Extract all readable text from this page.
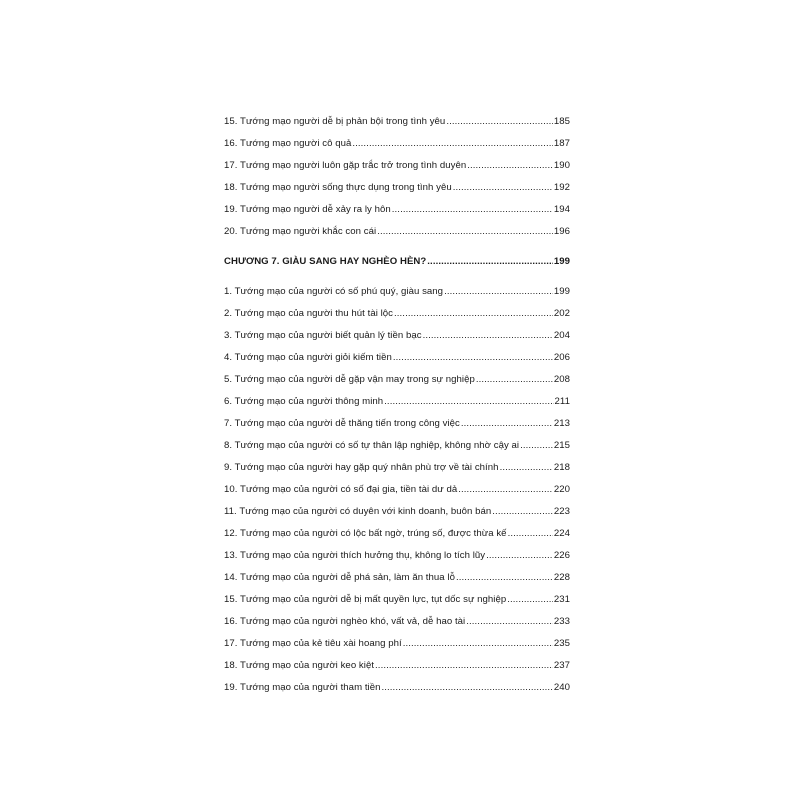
15. Tướng mạo người dễ bị phản bội trong tình yêu .....	185
16. Tướng mạo người cô quả .....	187
17. Tướng mạo người luôn gặp trắc trở trong tình duyên .....	190
18. Tướng mạo người sống thực dụng trong tình yêu .....	192
19. Tướng mạo người dễ xảy ra ly hôn .....	194
20. Tướng mạo người khắc con cái .....	196
CHƯƠNG 7. GIÀU SANG HAY NGHÈO HÈN? .....	199
1. Tướng mạo của người có số phú quý, giàu sang .....	199
2. Tướng mạo của người thu hút tài lộc .....	202
3. Tướng mạo của người biết quản lý tiền bạc .....	204
4. Tướng mạo của người giỏi kiếm tiền .....	206
5. Tướng mạo của người dễ gặp vận may trong sự nghiệp .....	208
6. Tướng mạo của người thông minh .....	211
7. Tướng mạo của người dễ thăng tiến trong công việc .....	213
8. Tướng mạo của người có số tự thân lập nghiệp, không nhờ cậy ai .....	215
9. Tướng mạo của người hay gặp quý nhân phù trợ về tài chính .....	218
10. Tướng mạo của người có số đại gia, tiền tài dư dả .....	220
11. Tướng mạo của người có duyên với kinh doanh, buôn bán .....	223
12. Tướng mạo của người có lộc bất ngờ, trúng số, được thừa kế .....	224
13. Tướng mạo của người thích hưởng thụ, không lo tích lũy .....	226
14. Tướng mạo của người dễ phá sản, làm ăn thua lỗ .....	228
15. Tướng mạo của người dễ bị mất quyền lực, tụt dốc sự nghiệp .....	231
16. Tướng mạo của người nghèo khó, vất vả, dễ hao tài .....	233
17. Tướng mạo của kẻ tiêu xài hoang phí .....	235
18. Tướng mạo của người keo kiệt .....	237
19. Tướng mạo của người tham tiền .....	240
